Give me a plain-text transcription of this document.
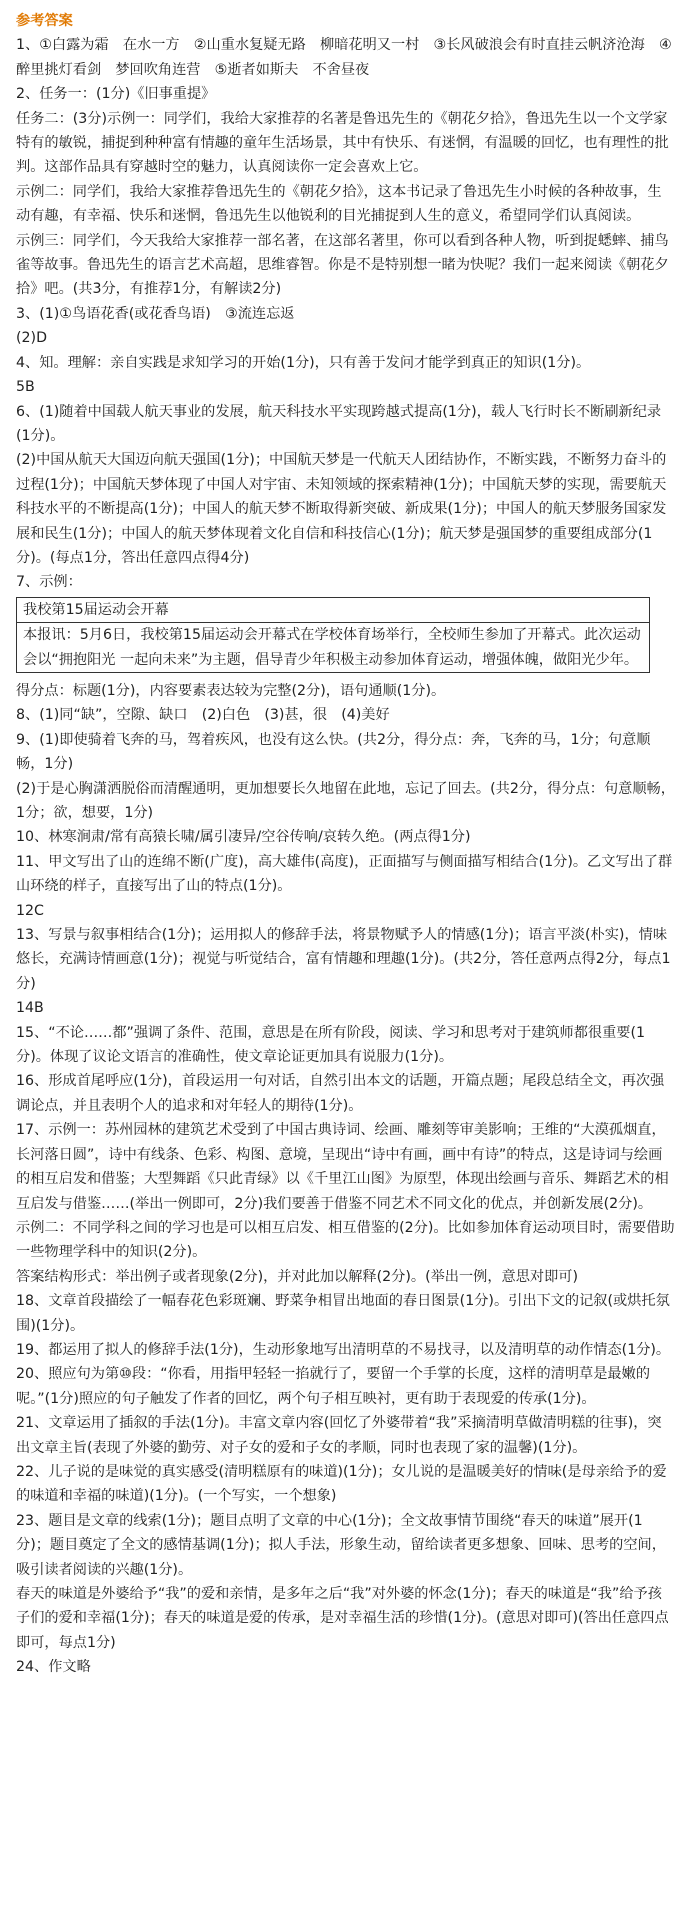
参考答案
1、①白露为霜　在水一方　②山重水复疑无路　柳暗花明又一村　③长风破浪会有时直挂云帆济沧海　④醉里挑灯看剑　梦回吹角连营　⑤逝者如斯夫　不舍昼夜
2、任务一：(1分)《旧事重提》
任务二：(3分)示例一：同学们，我给大家推荐的名著是鲁迅先生的《朝花夕拾》，鲁迅先生以一个文学家特有的敏锐，捕捉到种种富有情趣的童年生活场景，其中有快乐、有迷惘，有温暖的回忆，也有理性的批判。这部作品具有穿越时空的魅力，认真阅读你一定会喜欢上它。
示例二：同学们，我给大家推荐鲁迅先生的《朝花夕拾》，这本书记录了鲁迅先生小时候的各种故事，生动有趣，有幸福、快乐和迷惘，鲁迅先生以他锐利的目光捕捉到人生的意义，希望同学们认真阅读。
示例三：同学们，今天我给大家推荐一部名著，在这部名著里，你可以看到各种人物，听到捉蟋蟀、捕鸟雀等故事。鲁迅先生的语言艺术高超，思维睿智。你是不是特别想一睹为快呢？我们一起来阅读《朝花夕拾》吧。(共3分，有推荐1分，有解读2分)
3、(1)①鸟语花香(或花香鸟语)　③流连忘返
(2)D
4、知。理解：亲自实践是求知学习的开始(1分)，只有善于发问才能学到真正的知识(1分)。
5B
6、(1)随着中国载人航天事业的发展，航天科技水平实现跨越式提高(1分)，载人飞行时长不断刷新纪录(1分)。
(2)中国从航天大国迈向航天强国(1分)；中国航天梦是一代航天人团结协作，不断实践，不断努力奋斗的过程(1分)；中国航天梦体现了中国人对宇宙、未知领域的探索精神(1分)；中国航天梦的实现，需要航天科技水平的不断提高(1分)；中国人的航天梦不断取得新突破、新成果(1分)；中国人的航天梦服务国家发展和民生(1分)；中国人的航天梦体现着文化自信和科技信心(1分)；航天梦是强国梦的重要组成部分(1分)。(每点1分，答出任意四点得4分)
7、示例：
我校第15届运动会开幕
本报讯：5月6日，我校第15届运动会开幕式在学校体育场举行，全校师生参加了开幕式。此次运动会以“拥抱阳光 一起向未来”为主题，倡导青少年积极主动参加体育运动，增强体魄，做阳光少年。
得分点：标题(1分)，内容要素表达较为完整(2分)，语句通顺(1分)。
8、(1)同“缺”，空隙、缺口　(2)白色　(3)甚，很　(4)美好
9、(1)即使骑着飞奔的马，驾着疾风，也没有这么快。(共2分，得分点：奔，飞奔的马，1分；句意顺畅，1分)
(2)于是心胸潇洒脱俗而清醒通明，更加想要长久地留在此地，忘记了回去。(共2分，得分点：句意顺畅，1分；欲，想要，1分)
10、林寒涧肃/常有高猿长啸/属引凄异/空谷传响/哀转久绝。(两点得1分)
11、甲文写出了山的连绵不断(广度)，高大雄伟(高度)，正面描写与侧面描写相结合(1分)。乙文写出了群山环绕的样子，直接写出了山的特点(1分)。
12C
13、写景与叙事相结合(1分)；运用拟人的修辞手法，将景物赋予人的情感(1分)；语言平淡(朴实)，情味悠长，充满诗情画意(1分)；视觉与听觉结合，富有情趣和理趣(1分)。(共2分，答任意两点得2分，每点1分)
14B
15、“不论……都”强调了条件、范围，意思是在所有阶段，阅读、学习和思考对于建筑师都很重要(1分)。体现了议论文语言的准确性，使文章论证更加具有说服力(1分)。
16、形成首尾呼应(1分)，首段运用一句对话，自然引出本文的话题，开篇点题；尾段总结全文，再次强调论点，并且表明个人的追求和对年轻人的期待(1分)。
17、示例一：苏州园林的建筑艺术受到了中国古典诗词、绘画、雕刻等审美影响；王维的“大漠孤烟直，长河落日圆”，诗中有线条、色彩、构图、意境，呈现出“诗中有画，画中有诗”的特点，这是诗词与绘画的相互启发和借鉴；大型舞蹈《只此青绿》以《千里江山图》为原型，体现出绘画与音乐、舞蹈艺术的相互启发与借鉴……(举出一例即可，2分)我们要善于借鉴不同艺术不同文化的优点，并创新发展(2分)。
示例二：不同学科之间的学习也是可以相互启发、相互借鉴的(2分)。比如参加体育运动项目时，需要借助一些物理学科中的知识(2分)。
答案结构形式：举出例子或者现象(2分)，并对此加以解释(2分)。(举出一例，意思对即可)
18、文章首段描绘了一幅春花色彩斑斓、野菜争相冒出地面的春日图景(1分)。引出下文的记叙(或烘托氛围)(1分)。
19、都运用了拟人的修辞手法(1分)，生动形象地写出清明草的不易找寻，以及清明草的动作情态(1分)。
20、照应句为第⑩段：“你看，用指甲轻轻一掐就行了，要留一个手掌的长度，这样的清明草是最嫩的呢。”(1分)照应的句子触发了作者的回忆，两个句子相互映衬，更有助于表现爱的传承(1分)。
21、文章运用了插叙的手法(1分)。丰富文章内容(回忆了外婆带着“我”采摘清明草做清明糕的往事)，突出文章主旨(表现了外婆的勤劳、对子女的爱和子女的孝顺，同时也表现了家的温馨)(1分)。
22、儿子说的是味觉的真实感受(清明糕原有的味道)(1分)；女儿说的是温暖美好的情味(是母亲给予的爱的味道和幸福的味道)(1分)。(一个写实，一个想象)
23、题目是文章的线索(1分)；题目点明了文章的中心(1分)；全文故事情节围绕“春天的味道”展开(1分)；题目奠定了全文的感情基调(1分)；拟人手法，形象生动，留给读者更多想象、回味、思考的空间，吸引读者阅读的兴趣(1分)。
春天的味道是外婆给予“我”的爱和亲情，是多年之后“我”对外婆的怀念(1分)；春天的味道是“我”给予孩子们的爱和幸福(1分)；春天的味道是爱的传承，是对幸福生活的珍惜(1分)。(意思对即可)(答出任意四点即可，每点1分)
24、作文略
